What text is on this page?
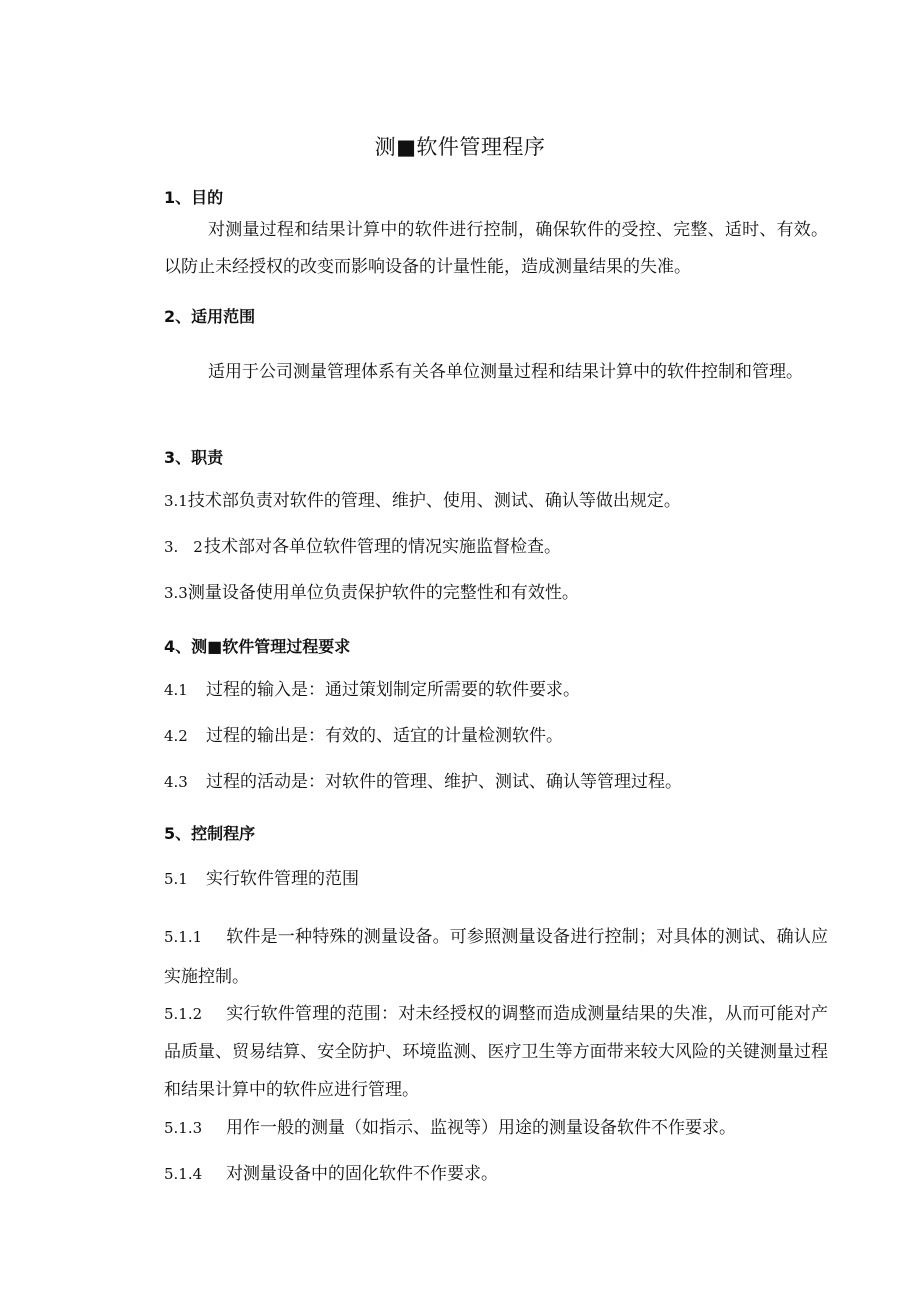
测■软件管理程序
1、目的
对测量过程和结果计算中的软件进行控制，确保软件的受控、完整、适时、有效。以防止未经授权的改变而影响设备的计量性能，造成测量结果的失准。
2、适用范围
适用于公司测量管理体系有关各单位测量过程和结果计算中的软件控制和管理。
3、职责
3.1技术部负责对软件的管理、维护、使用、测试、确认等做出规定。
3.　2技术部对各单位软件管理的情况实施监督检查。
3.3测量设备使用单位负责保护软件的完整性和有效性。
4、测■软件管理过程要求
4.1 过程的输入是：通过策划制定所需要的软件要求。
4.2 过程的输出是：有效的、适宜的计量检测软件。
4.3 过程的活动是：对软件的管理、维护、测试、确认等管理过程。
5、控制程序
5.1 实行软件管理的范围
5.1.1 软件是一种特殊的测量设备。可参照测量设备进行控制；对具体的测试、确认应实施控制。
5.1.2 实行软件管理的范围：对未经授权的调整而造成测量结果的失准，从而可能对产品质量、贸易结算、安全防护、环境监测、医疗卫生等方面带来较大风险的关键测量过程和结果计算中的软件应进行管理。
5.1.3 用作一般的测量（如指示、监视等）用途的测量设备软件不作要求。
5.1.4 对测量设备中的固化软件不作要求。
